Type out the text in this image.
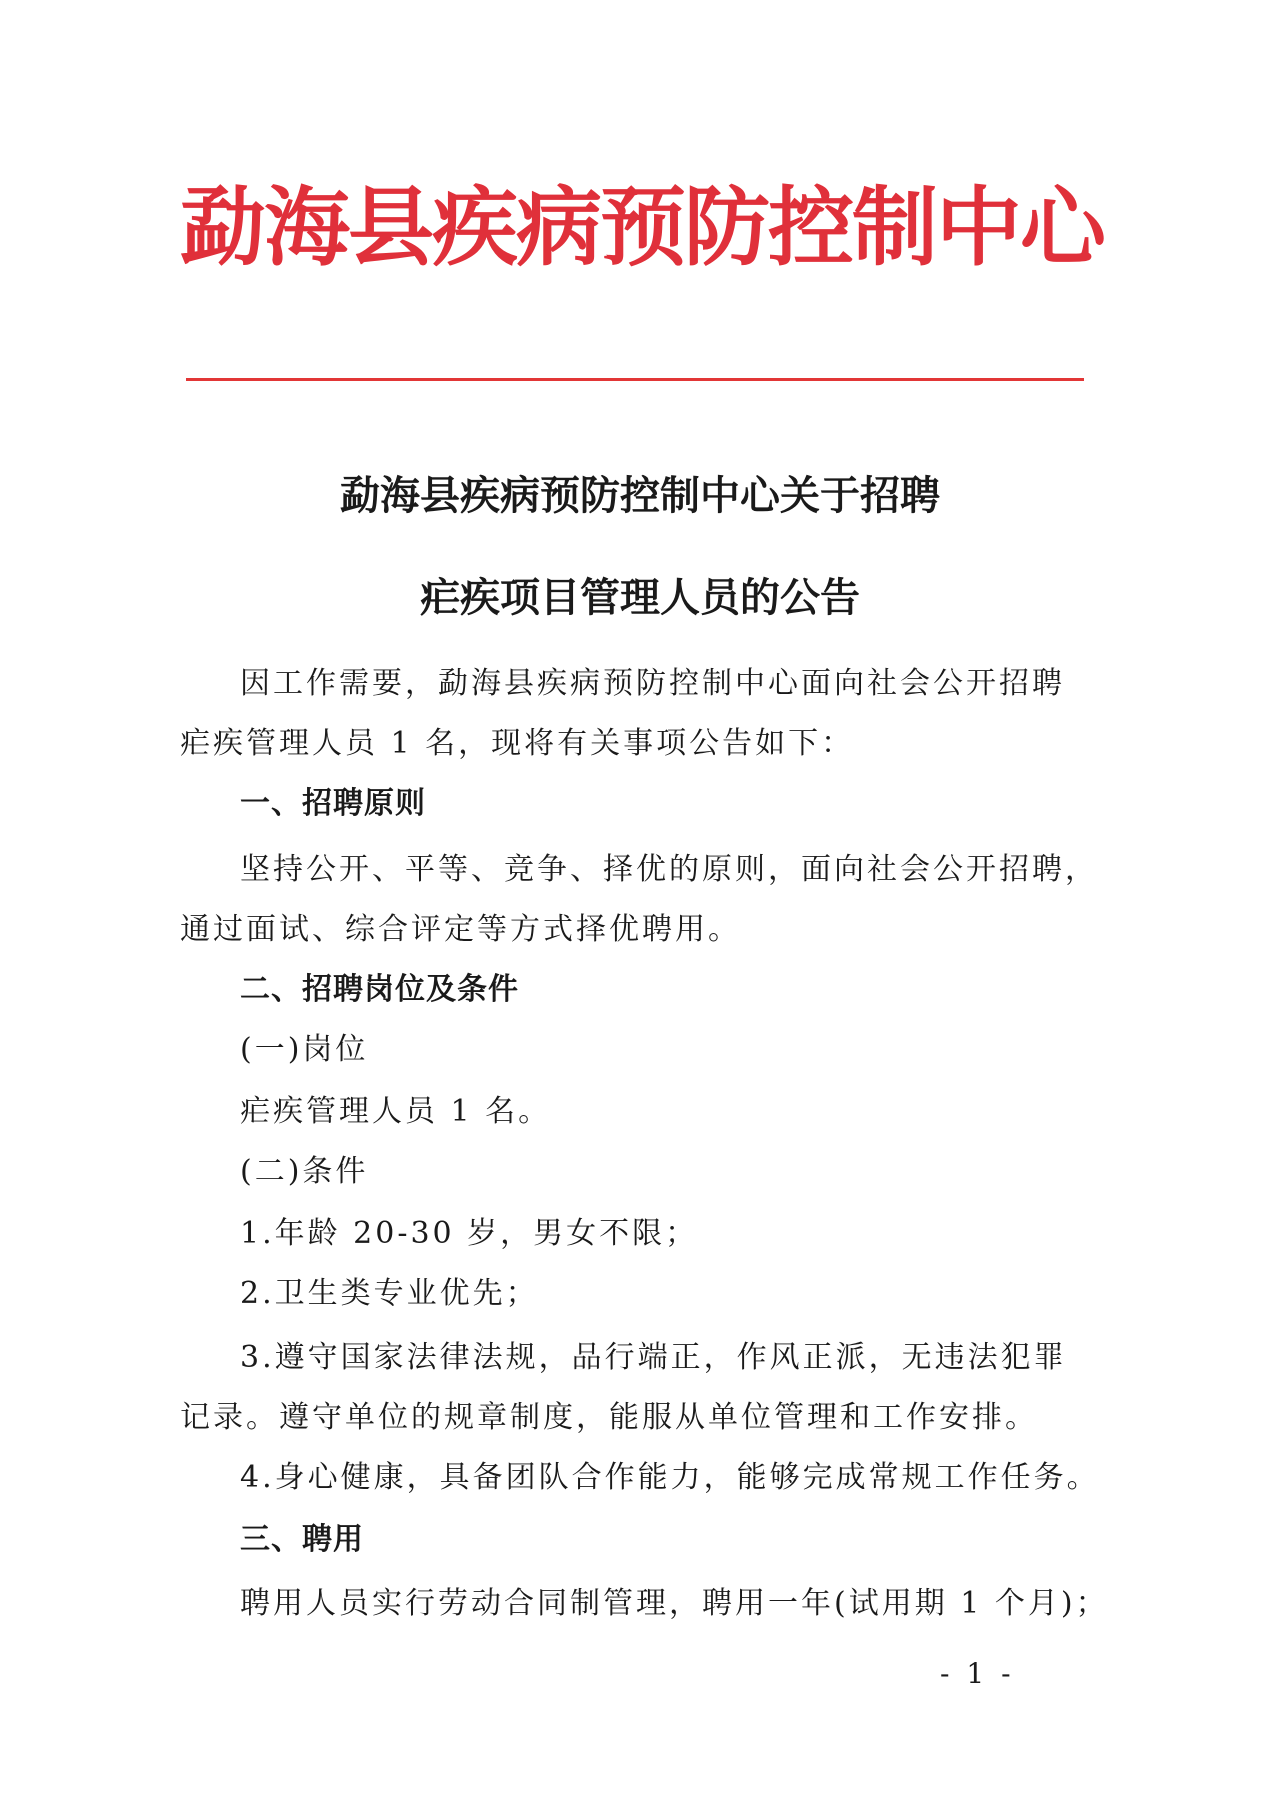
勐海县疾病预防控制中心
勐海县疾病预防控制中心关于招聘
疟疾项目管理人员的公告
因工作需要，勐海县疾病预防控制中心面向社会公开招聘
疟疾管理人员 1 名，现将有关事项公告如下：
一、招聘原则
坚持公开、平等、竞争、择优的原则，面向社会公开招聘，
通过面试、综合评定等方式择优聘用。
二、招聘岗位及条件
(一)岗位
疟疾管理人员 1 名。
(二)条件
1.年龄 20-30 岁，男女不限；
2.卫生类专业优先；
3.遵守国家法律法规，品行端正，作风正派，无违法犯罪
记录。遵守单位的规章制度，能服从单位管理和工作安排。
4.身心健康，具备团队合作能力，能够完成常规工作任务。
三、聘用
聘用人员实行劳动合同制管理，聘用一年(试用期 1 个月)；
- 1 -
